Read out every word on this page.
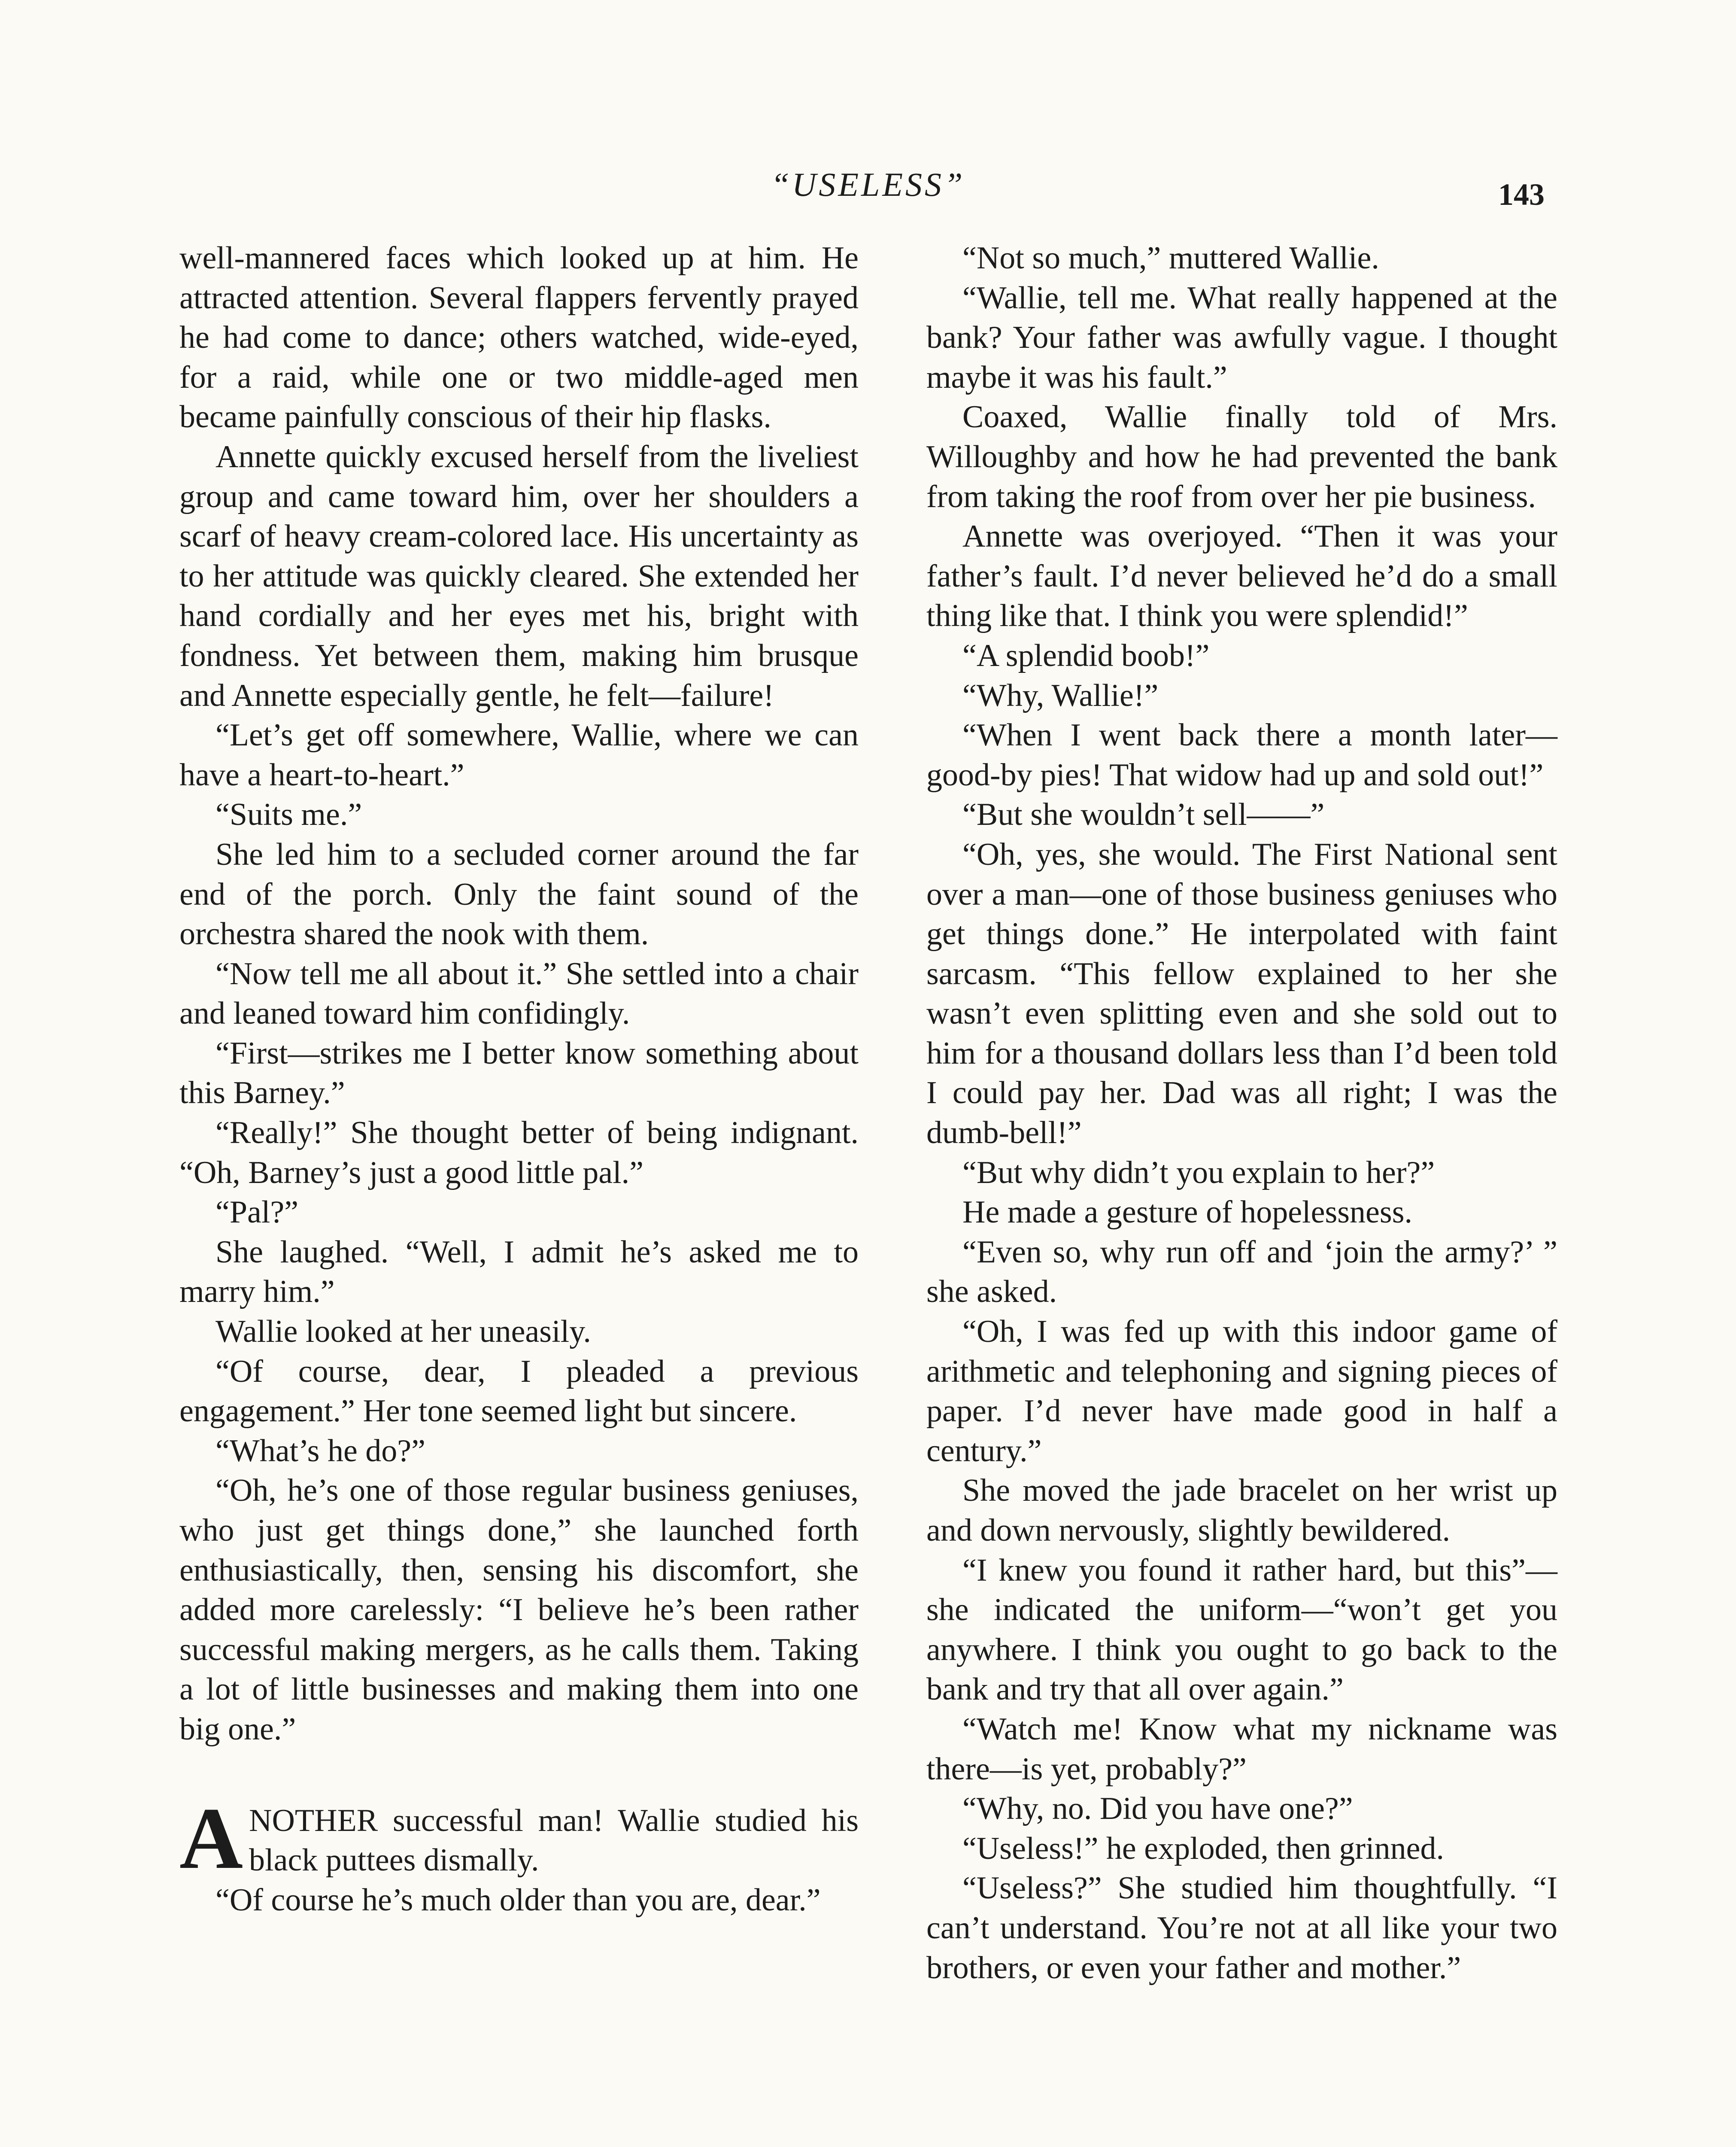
“USELESS”	143

well-mannered faces which looked up at him. He attracted attention. Several flappers fervently prayed he had come to dance; others watched, wide-eyed, for a raid, while one or two middle-aged men became painfully conscious of their hip flasks.

Annette quickly excused herself from the liveliest group and came toward him, over her shoulders a scarf of heavy cream-colored lace. His uncertainty as to her attitude was quickly cleared. She extended her hand cordially and her eyes met his, bright with fondness. Yet between them, making him brusque and Annette especially gentle, he felt—failure!

“Let’s get off somewhere, Wallie, where we can have a heart-to-heart.”

“Suits me.”

She led him to a secluded corner around the far end of the porch. Only the faint sound of the orchestra shared the nook with them.

“Now tell me all about it.” She settled into a chair and leaned toward him confidingly.

“First—strikes me I better know something about this Barney.”

“Really!” She thought better of being indignant. “Oh, Barney’s just a good little pal.”

“Pal?”

She laughed. “Well, I admit he’s asked me to marry him.”

Wallie looked at her uneasily.

“Of course, dear, I pleaded a previous engagement.” Her tone seemed light but sincere.

“What’s he do?”

“Oh, he’s one of those regular business geniuses, who just get things done,” she launched forth enthusiastically, then, sensing his discomfort, she added more carelessly: “I believe he’s been rather successful making mergers, as he calls them. Taking a lot of little businesses and making them into one big one.”

ANOTHER successful man! Wallie studied his black puttees dismally.

“Of course he’s much older than you are, dear.”

“Not so much,” muttered Wallie.

“Wallie, tell me. What really happened at the bank? Your father was awfully vague. I thought maybe it was his fault.”

Coaxed, Wallie finally told of Mrs. Willoughby and how he had prevented the bank from taking the roof from over her pie business.

Annette was overjoyed. “Then it was your father’s fault. I’d never believed he’d do a small thing like that. I think you were splendid!”

“A splendid boob!”

“Why, Wallie!”

“When I went back there a month later—good-by pies! That widow had up and sold out!”

“But she wouldn’t sell——”

“Oh, yes, she would. The First National sent over a man—one of those business geniuses who get things done.” He interpolated with faint sarcasm. “This fellow explained to her she wasn’t even splitting even and she sold out to him for a thousand dollars less than I’d been told I could pay her. Dad was all right; I was the dumb-bell!”

“But why didn’t you explain to her?”

He made a gesture of hopelessness.

“Even so, why run off and ‘join the army?’ ” she asked.

“Oh, I was fed up with this indoor game of arithmetic and telephoning and signing pieces of paper. I’d never have made good in half a century.”

She moved the jade bracelet on her wrist up and down nervously, slightly bewildered.

“I knew you found it rather hard, but this”—she indicated the uniform—“won’t get you anywhere. I think you ought to go back to the bank and try that all over again.”

“Watch me! Know what my nickname was there—is yet, probably?”

“Why, no. Did you have one?”

“Useless!” he exploded, then grinned.

“Useless?” She studied him thoughtfully. “I can’t understand. You’re not at all like your two brothers, or even your father and mother.”
